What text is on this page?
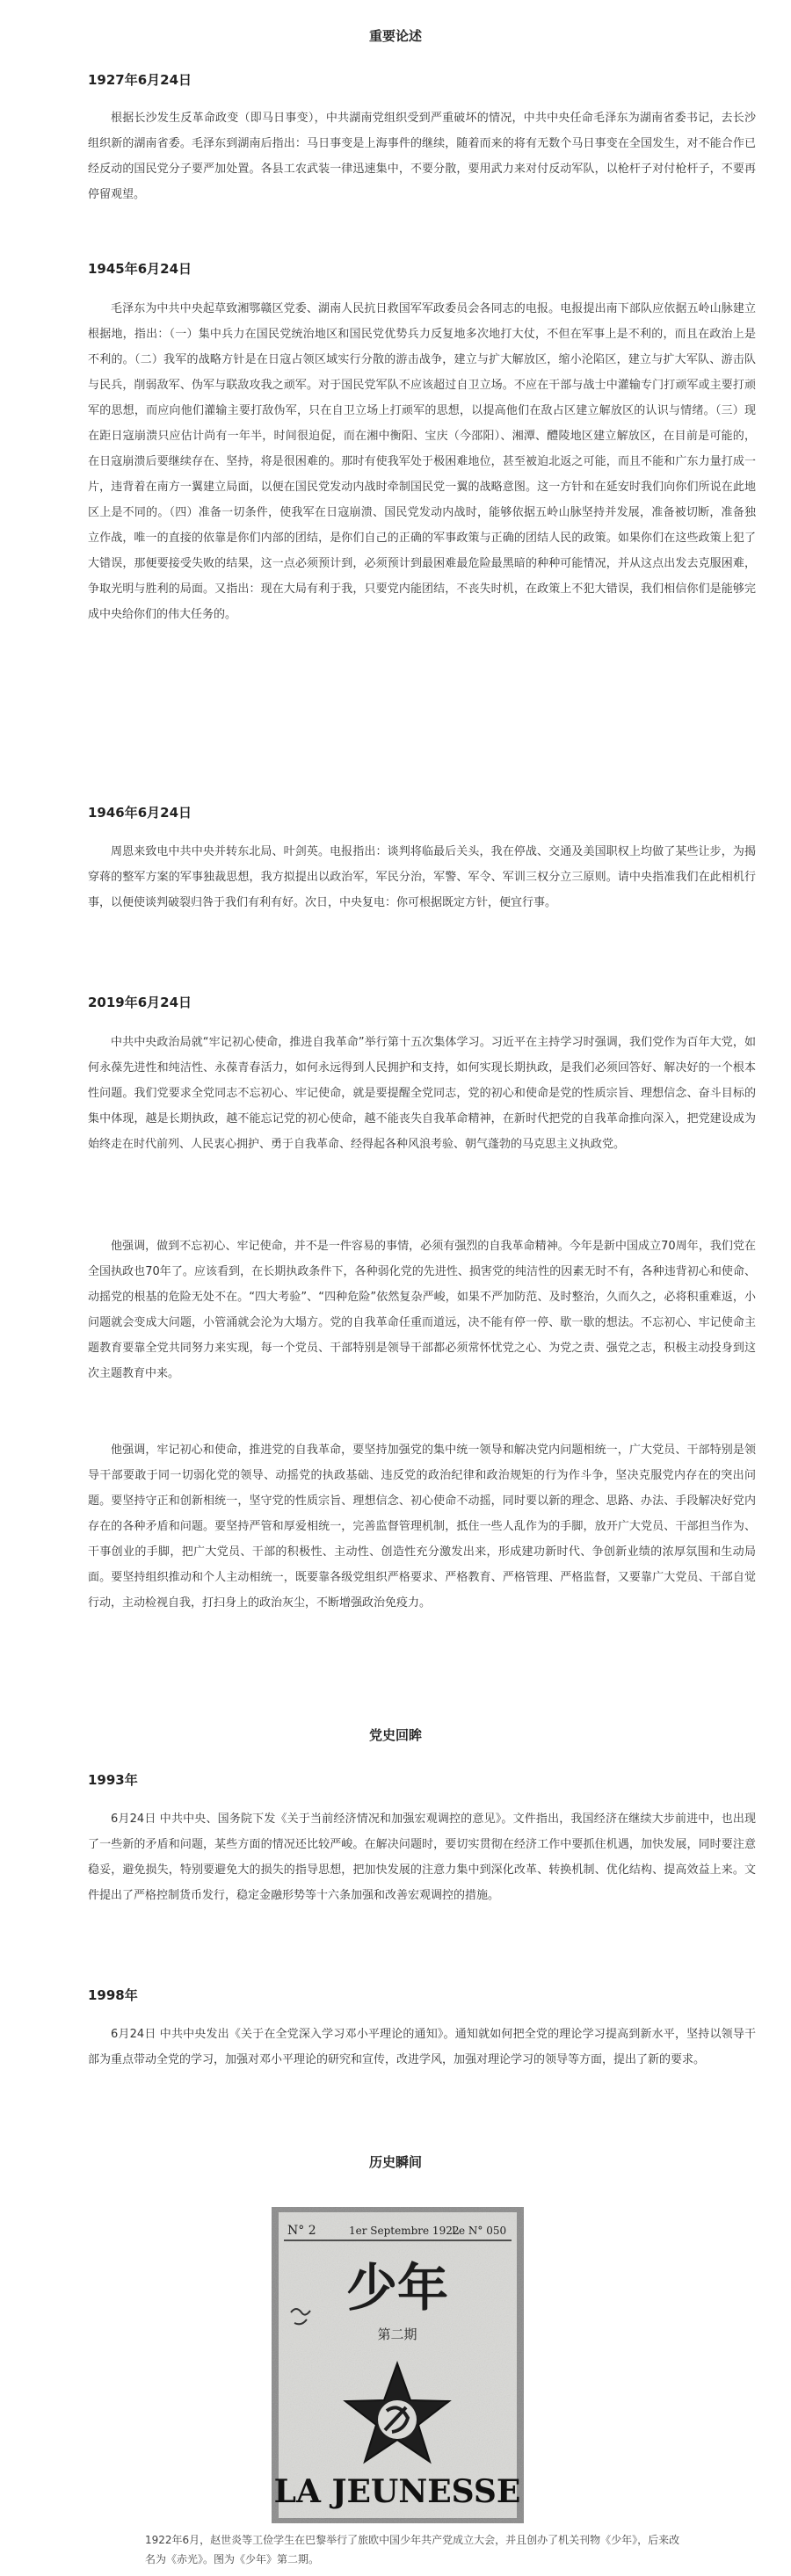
重要论述
1927年6月24日

根据长沙发生反革命政变（即马日事变），中共湖南党组织受到严重破坏的情况，中共中央任命毛泽东为湖南省委书记，去长沙组织新的湖南省委。毛泽东到湖南后指出：马日事变是上海事件的继续，随着而来的将有无数个马日事变在全国发生，对不能合作已经反动的国民党分子要严加处置。各县工农武装一律迅速集中，不要分散，要用武力来对付反动军队，以枪杆子对付枪杆子，不要再停留观望。

1945年6月24日

毛泽东为中共中央起草致湘鄂赣区党委、湖南人民抗日救国军军政委员会各同志的电报。电报提出南下部队应依据五岭山脉建立根据地，指出：（一）集中兵力在国民党统治地区和国民党优势兵力反复地多次地打大仗，不但在军事上是不利的，而且在政治上是不利的。（二）我军的战略方针是在日寇占领区域实行分散的游击战争，建立与扩大解放区，缩小沦陷区，建立与扩大军队、游击队与民兵，削弱敌军、伪军与联敌攻我之顽军。对于国民党军队不应该超过自卫立场。不应在干部与战士中灌输专门打顽军或主要打顽军的思想，而应向他们灌输主要打敌伪军，只在自卫立场上打顽军的思想，以提高他们在敌占区建立解放区的认识与情绪。（三）现在距日寇崩溃只应估计尚有一年半，时间很迫促，而在湘中衡阳、宝庆（今邵阳）、湘潭、醴陵地区建立解放区，在目前是可能的，在日寇崩溃后要继续存在、坚持，将是很困难的。那时有使我军处于极困难地位，甚至被迫北返之可能，而且不能和广东力量打成一片，违背着在南方一翼建立局面，以便在国民党发动内战时牵制国民党一翼的战略意图。这一方针和在延安时我们向你们所说在此地区上是不同的。（四）准备一切条件，使我军在日寇崩溃、国民党发动内战时，能够依据五岭山脉坚持并发展，准备被切断，准备独立作战，唯一的直接的依靠是你们内部的团结，是你们自己的正确的军事政策与正确的团结人民的政策。如果你们在这些政策上犯了大错误，那便要接受失败的结果，这一点必须预计到，必须预计到最困难最危险最黑暗的种种可能情况，并从这点出发去克服困难，争取光明与胜利的局面。又指出：现在大局有利于我，只要党内能团结，不丧失时机，在政策上不犯大错误，我们相信你们是能够完成中央给你们的伟大任务的。

1946年6月24日

周恩来致电中共中央并转东北局、叶剑英。电报指出：谈判将临最后关头，我在停战、交通及美国职权上均做了某些让步，为揭穿蒋的整军方案的军事独裁思想，我方拟提出以政治军，军民分治，军警、军令、军训三权分立三原则。请中央指准我们在此相机行事，以便使谈判破裂归咎于我们有利有好。次日，中央复电：你可根据既定方针，便宜行事。

2019年6月24日

中共中央政治局就“牢记初心使命，推进自我革命”举行第十五次集体学习。习近平在主持学习时强调，我们党作为百年大党，如何永葆先进性和纯洁性、永葆青春活力，如何永远得到人民拥护和支持，如何实现长期执政，是我们必须回答好、解决好的一个根本性问题。我们党要求全党同志不忘初心、牢记使命，就是要提醒全党同志，党的初心和使命是党的性质宗旨、理想信念、奋斗目标的集中体现，越是长期执政，越不能忘记党的初心使命，越不能丧失自我革命精神，在新时代把党的自我革命推向深入，把党建设成为始终走在时代前列、人民衷心拥护、勇于自我革命、经得起各种风浪考验、朝气蓬勃的马克思主义执政党。

他强调，做到不忘初心、牢记使命，并不是一件容易的事情，必须有强烈的自我革命精神。今年是新中国成立70周年，我们党在全国执政也70年了。应该看到，在长期执政条件下，各种弱化党的先进性、损害党的纯洁性的因素无时不有，各种违背初心和使命、动摇党的根基的危险无处不在。“四大考验”、“四种危险”依然复杂严峻，如果不严加防范、及时整治，久而久之，必将积重难返，小问题就会变成大问题，小管涌就会沦为大塌方。党的自我革命任重而道远，决不能有停一停、歇一歇的想法。不忘初心、牢记使命主题教育要靠全党共同努力来实现，每一个党员、干部特别是领导干部都必须常怀忧党之心、为党之责、强党之志，积极主动投身到这次主题教育中来。

他强调，牢记初心和使命，推进党的自我革命，要坚持加强党的集中统一领导和解决党内问题相统一，广大党员、干部特别是领导干部要敢于同一切弱化党的领导、动摇党的执政基础、违反党的政治纪律和政治规矩的行为作斗争，坚决克服党内存在的突出问题。要坚持守正和创新相统一，坚守党的性质宗旨、理想信念、初心使命不动摇，同时要以新的理念、思路、办法、手段解决好党内存在的各种矛盾和问题。要坚持严管和厚爱相统一，完善监督管理机制，抵住一些人乱作为的手脚，放开广大党员、干部担当作为、干事创业的手脚，把广大党员、干部的积极性、主动性、创造性充分激发出来，形成建功新时代、争创新业绩的浓厚氛围和生动局面。要坚持组织推动和个人主动相统一，既要靠各级党组织严格要求、严格教育、严格管理、严格监督，又要靠广大党员、干部自觉行动，主动检视自我，打扫身上的政治灰尘，不断增强政治免疫力。

党史回眸
1993年

6月24日 中共中央、国务院下发《关于当前经济情况和加强宏观调控的意见》。文件指出，我国经济在继续大步前进中，也出现了一些新的矛盾和问题，某些方面的情况还比较严峻。在解决问题时，要切实贯彻在经济工作中要抓住机遇，加快发展，同时要注意稳妥，避免损失，特别要避免大的损失的指导思想，把加快发展的注意力集中到深化改革、转换机制、优化结构、提高效益上来。文件提出了严格控制货币发行，稳定金融形势等十六条加强和改善宏观调控的措施。

1998年

6月24日 中共中央发出《关于在全党深入学习邓小平理论的通知》。通知就如何把全党的理论学习提高到新水平，坚持以领导干部为重点带动全党的学习，加强对邓小平理论的研究和宣传，改进学风，加强对理论学习的领导等方面，提出了新的要求。

历史瞬间
N° 2	1er Septembre 1922
Le N° 050
少年
第二期
LA JEUNESSE
1922年6月，赵世炎等工俭学生在巴黎举行了旅欧中国少年共产党成立大会，并且创办了机关刊物《少年》，后来改名为《赤光》。图为《少年》第二期。
